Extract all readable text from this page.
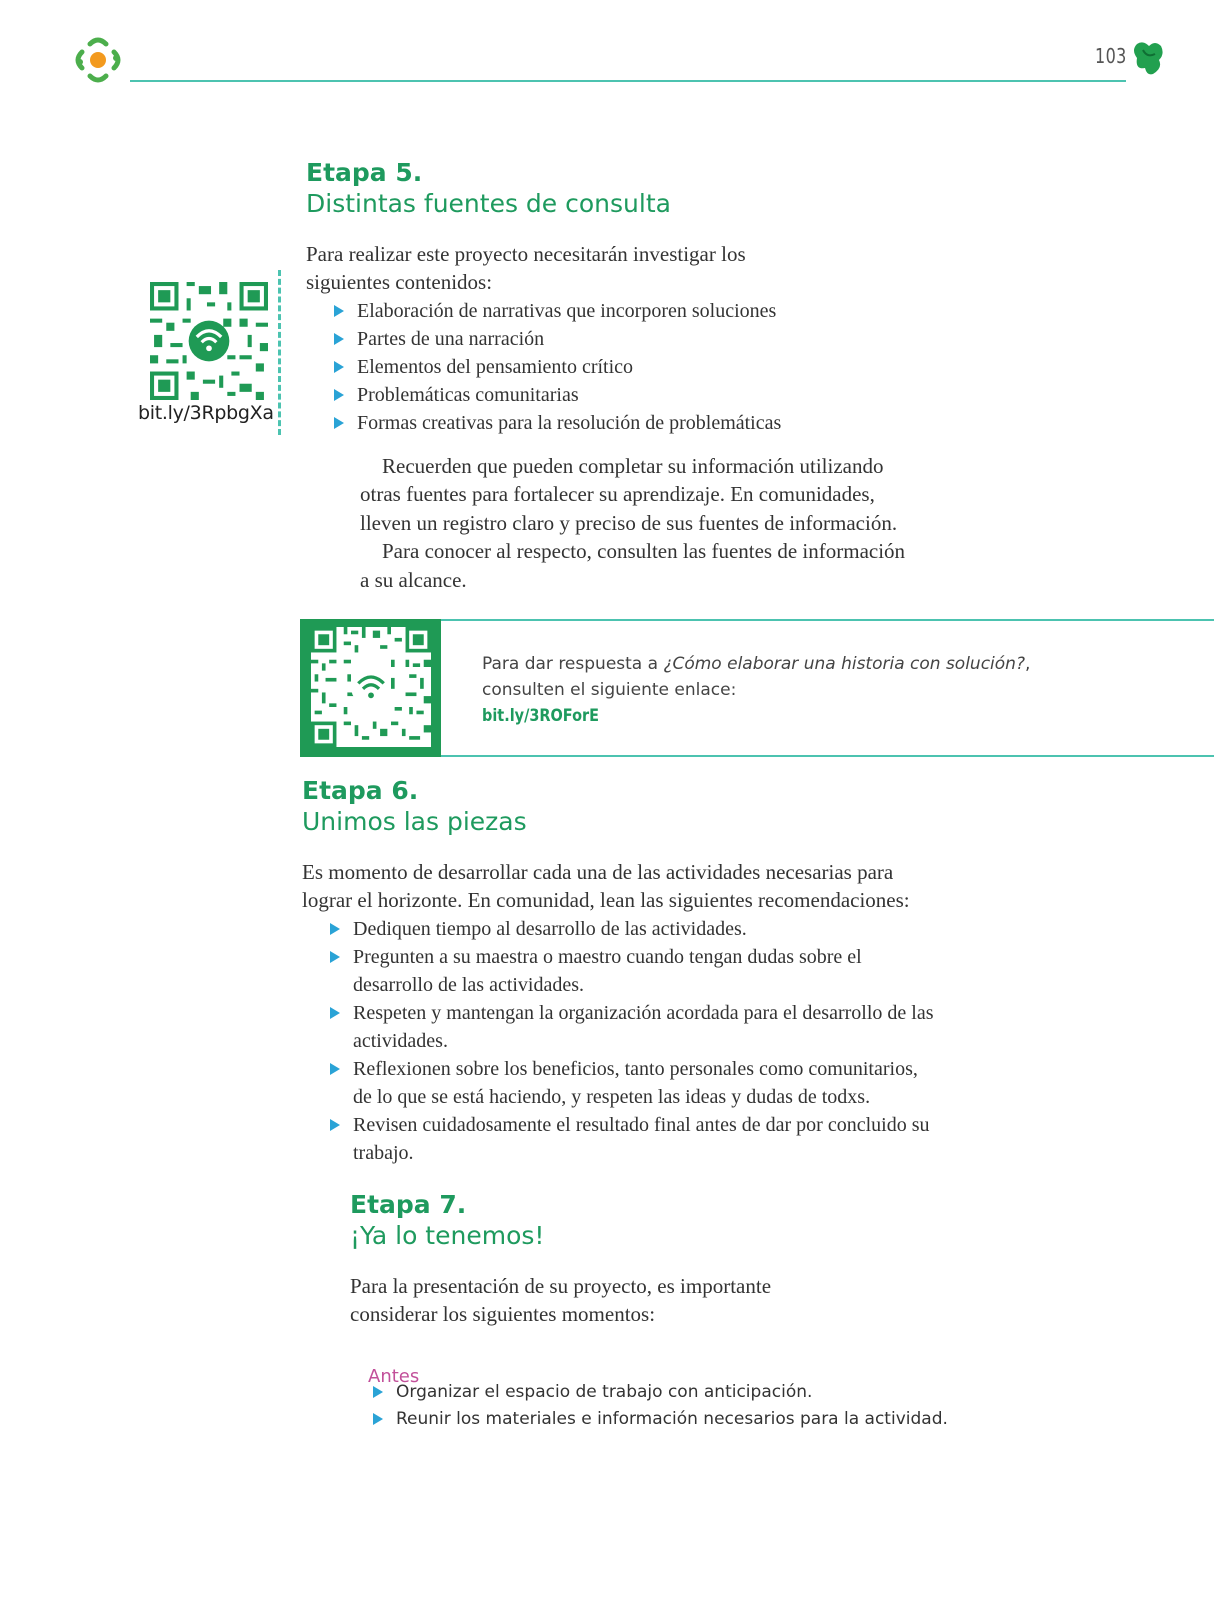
103
Etapa 5.
Distintas fuentes de consulta
Para realizar este proyecto necesitarán investigar los
siguientes contenidos:
Elaboración de narrativas que incorporen soluciones
Partes de una narración
Elementos del pensamiento crítico
Problemáticas comunitarias
Formas creativas para la resolución de problemáticas
Recuerden que pueden completar su información utilizando
otras fuentes para fortalecer su aprendizaje. En comunidades,
lleven un registro claro y preciso de sus fuentes de información.
Para conocer al respecto, consulten las fuentes de información
a su alcance.
bit.ly/3RpbgXa
Para dar respuesta a ¿Cómo elaborar una historia con solución?,
consulten el siguiente enlace:
bit.ly/3ROForE
Etapa 6.
Unimos las piezas
Es momento de desarrollar cada una de las actividades necesarias para
lograr el horizonte. En comunidad, lean las siguientes recomendaciones:
Dediquen tiempo al desarrollo de las actividades.
Pregunten a su maestra o maestro cuando tengan dudas sobre el
desarrollo de las actividades.
Respeten y mantengan la organización acordada para el desarrollo de las
actividades.
Reflexionen sobre los beneficios, tanto personales como comunitarios,
de lo que se está haciendo, y respeten las ideas y dudas de todxs.
Revisen cuidadosamente el resultado final antes de dar por concluido su
trabajo.
Etapa 7.
¡Ya lo tenemos!
Para la presentación de su proyecto, es importante
considerar los siguientes momentos:
Antes
Organizar el espacio de trabajo con anticipación.
Reunir los materiales e información necesarios para la actividad.
